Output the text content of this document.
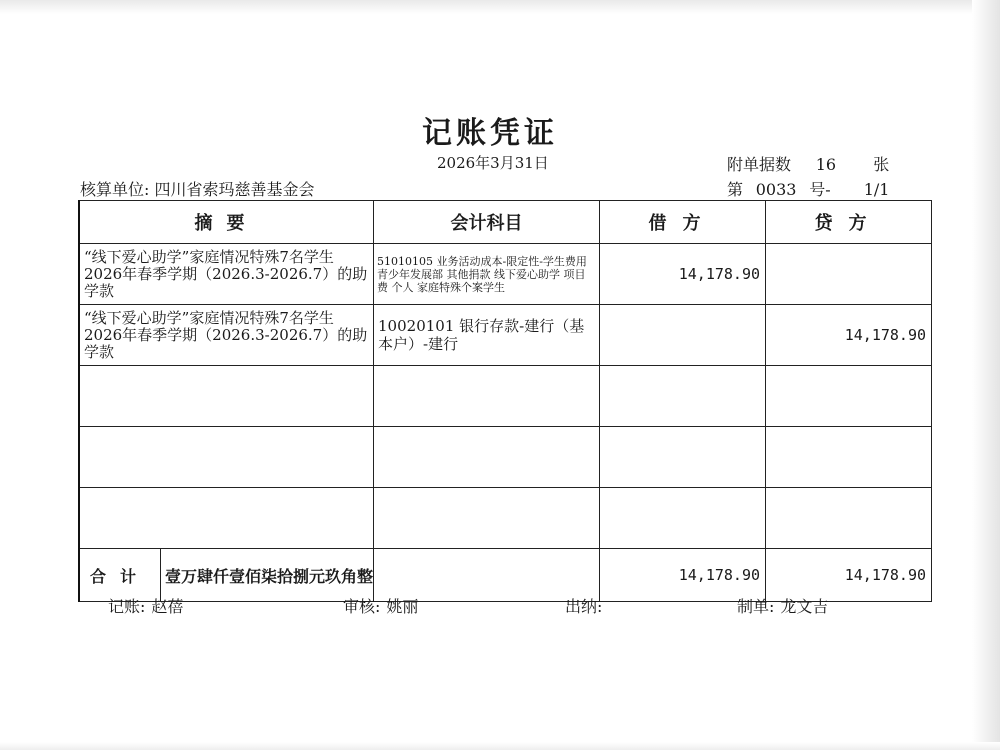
记账凭证
2026年3月31日	附单据数 16 张
核算单位: 四川省索玛慈善基金会	第 0033 号- 1/1
摘要	会计科目	借方	贷方
“线下爱心助学”家庭情况特殊7名学生2026年春季学期（2026.3-2026.7）的助学款	51010105 业务活动成本-限定性-学生费用 青少年发展部 其他捐款 线下爱心助学 项目费 个人 家庭特殊个案学生	14,178.90	
“线下爱心助学”家庭情况特殊7名学生2026年春季学期（2026.3-2026.7）的助学款	10020101 银行存款-建行（基本户）-建行		14,178.90

合计 壹万肆仟壹佰柒拾捌元玖角整		14,178.90	14,178.90
记账: 赵蓓	审核: 姚丽	出纳:	制单: 龙文吉
